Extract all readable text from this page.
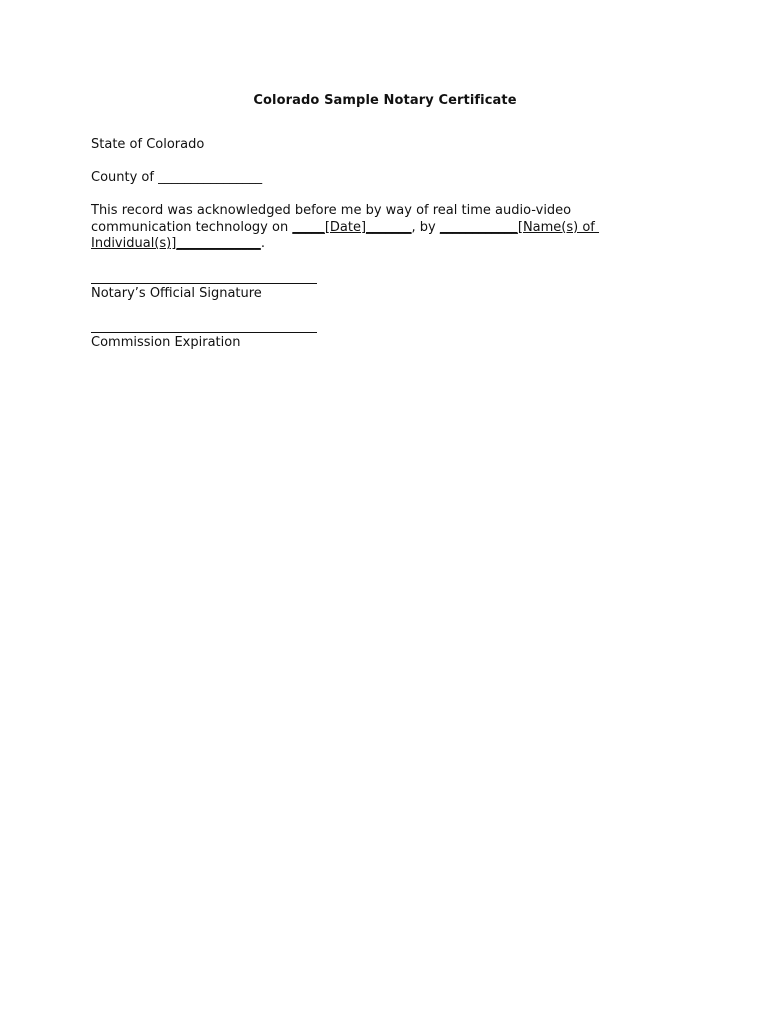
Colorado Sample Notary Certificate
State of Colorado
County of ________________
This record was acknowledged before me by way of real time audio-video
communication technology on _____[Date]_______, by ____________[Name(s) of
Individual(s)]_____________.
Notary’s Official Signature
Commission Expiration
